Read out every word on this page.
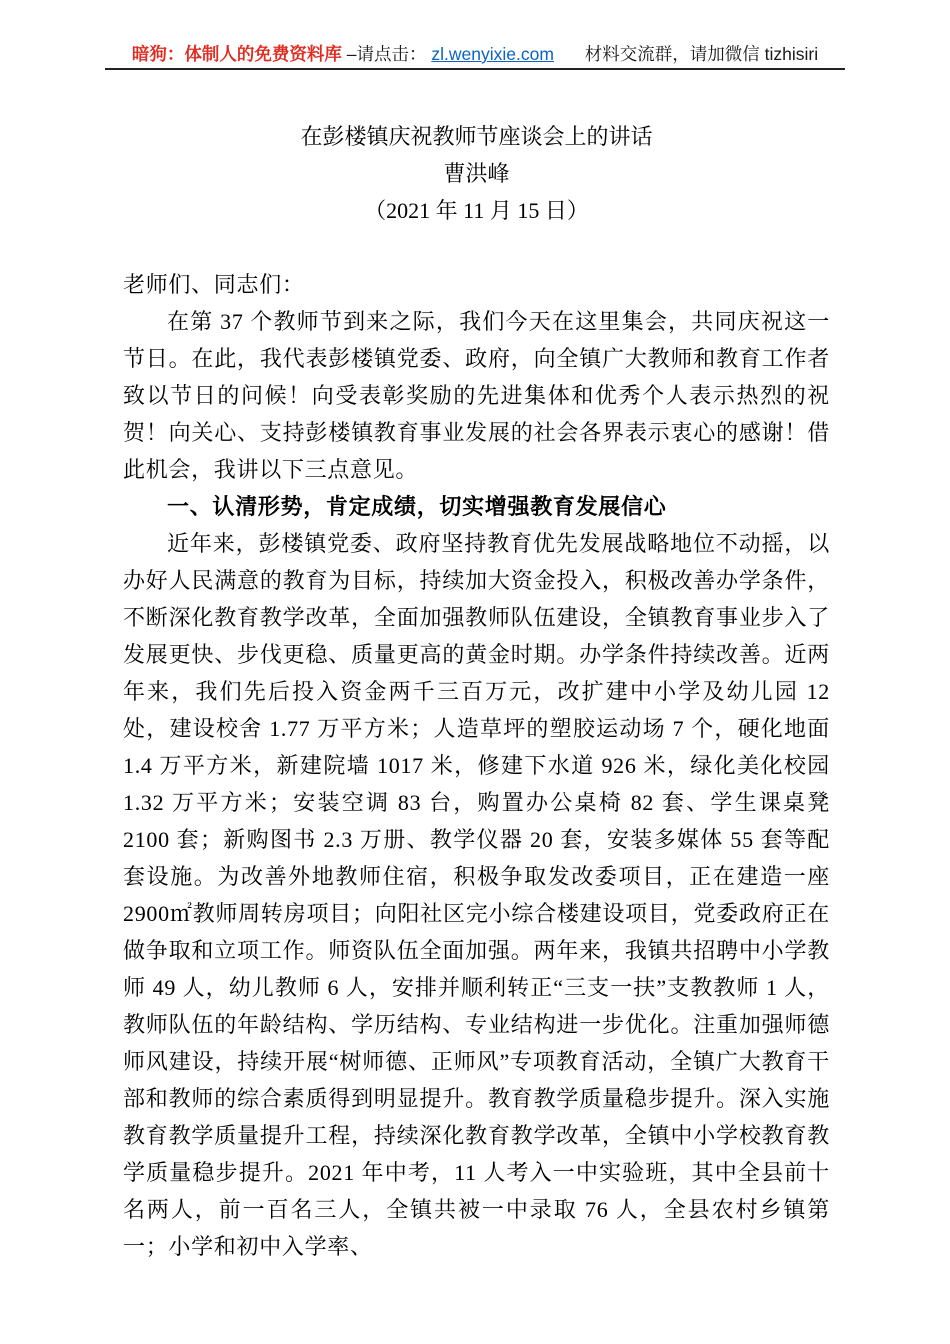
暗狗：体制人的免费资料库 –请点击： zl.wenyixie.com 材料交流群，请加微信 tizhisiri
在彭楼镇庆祝教师节座谈会上的讲话
曹洪峰
（2021 年 11 月 15 日）

老师们、同志们：

在第 37 个教师节到来之际，我们今天在这里集会，共同庆祝这一节日。在此，我代表彭楼镇党委、政府，向全镇广大教师和教育工作者致以节日的问候！向受表彰奖励的先进集体和优秀个人表示热烈的祝贺！向关心、支持彭楼镇教育事业发展的社会各界表示衷心的感谢！借此机会，我讲以下三点意见。

一、认清形势，肯定成绩，切实增强教育发展信心

近年来，彭楼镇党委、政府坚持教育优先发展战略地位不动摇，以办好人民满意的教育为目标，持续加大资金投入，积极改善办学条件，不断深化教育教学改革，全面加强教师队伍建设，全镇教育事业步入了发展更快、步伐更稳、质量更高的黄金时期。办学条件持续改善。近两年来，我们先后投入资金两千三百万元，改扩建中小学及幼儿园 12 处，建设校舍 1.77 万平方米；人造草坪的塑胶运动场 7 个，硬化地面 1.4 万平方米，新建院墙 1017 米，修建下水道 926 米，绿化美化校园 1.32 万平方米；安装空调 83 台，购置办公桌椅 82 套、学生课桌凳 2100 套；新购图书 2.3 万册、教学仪器 20 套，安装多媒体 55 套等配套设施。为改善外地教师住宿，积极争取发改委项目，正在建造一座 2900㎡教师周转房项目；向阳社区完小综合楼建设项目，党委政府正在做争取和立项工作。师资队伍全面加强。两年来，我镇共招聘中小学教师 49 人，幼儿教师 6 人，安排并顺利转正“三支一扶”支教教师 1 人，教师队伍的年龄结构、学历结构、专业结构进一步优化。注重加强师德师风建设，持续开展“树师德、正师风”专项教育活动，全镇广大教育干部和教师的综合素质得到明显提升。教育教学质量稳步提升。深入实施教育教学质量提升工程，持续深化教育教学改革，全镇中小学校教育教学质量稳步提升。2021 年中考，11 人考入一中实验班，其中全县前十名两人，前一百名三人，全镇共被一中录取 76 人，全县农村乡镇第一；小学和初中入学率、
